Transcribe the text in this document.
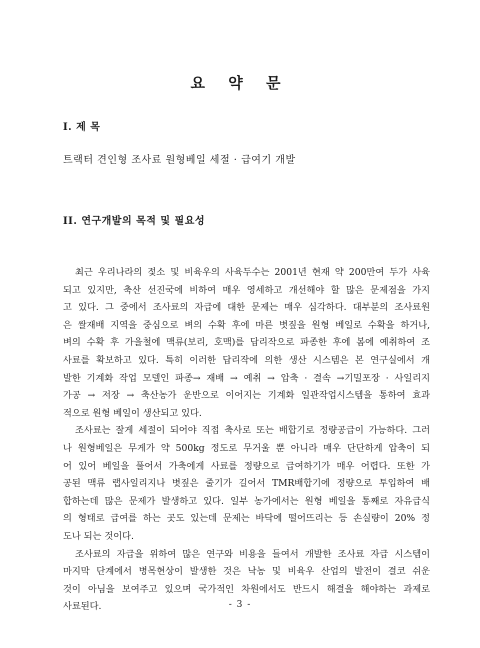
요 약 문
I. 제 목
트랙터 견인형 조사료 원형베일 세절 · 급여기 개발
II. 연구개발의 목적 및 필요성
최근 우리나라의 젖소 및 비육우의 사육두수는 2001년 현재 약 200만여 두가 사육
되고 있지만, 축산 선진국에 비하여 매우 영세하고 개선해야 할 많은 문제점을 가지
고 있다. 그 중에서 조사료의 자급에 대한 문제는 매우 심각하다. 대부분의 조사료원
은 쌀재배 지역을 중심으로 벼의 수확 후에 마른 볏짚을 원형 베일로 수확을 하거나,
벼의 수확 후 가을철에 맥류(보리, 호맥)를 답리작으로 파종한 후에 봄에 예취하여 조
사료를 확보하고 있다. 특히 이러한 답리작에 의한 생산 시스템은 본 연구실에서 개
발한 기계화 작업 모델인 파종→ 재배 → 예취 → 압축 · 결속 →기밀포장 · 사일리지
가공 → 저장 → 축산농가 운반으로 이어지는 기계화 일관작업시스템을 통하여 효과
적으로 원형 베일이 생산되고 있다.
조사료는 잘게 세절이 되어야 직접 축사로 또는 배합기로 정량공급이 가능하다. 그러
나 원형베일은 무게가 약 500kg 정도로 무거울 뿐 아니라 매우 단단하게 압축이 되
어 있어 베일을 풀어서 가축에게 사료를 정량으로 급여하기가 매우 어렵다. 또한 가
공된 맥류 랩사일리지나 볏짚은 줄기가 길어서 TMR배합기에 정량으로 투입하여 배
합하는데 많은 문제가 발생하고 있다. 일부 농가에서는 원형 베일을 통째로 자유급식
의 형태로 급여를 하는 곳도 있는데 문제는 바닥에 떨어뜨리는 등 손실량이 20% 정
도나 되는 것이다.
조사료의 자급을 위하여 많은 연구와 비용을 들여서 개발한 조사료 자급 시스템이
마지막 단계에서 병목현상이 발생한 것은 낙농 및 비육우 산업의 발전이 결코 쉬운
것이 아님을 보여주고 있으며 국가적인 차원에서도 반드시 해결을 해야하는 과제로
사료된다.	- 3 -
